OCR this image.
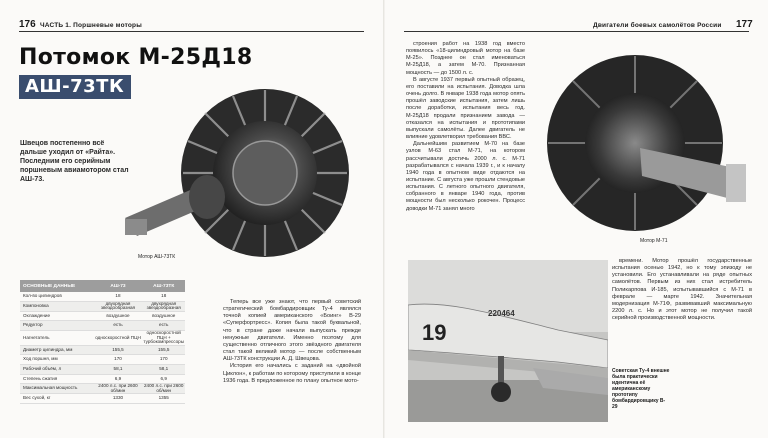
176 ЧАСТЬ 1. Поршневые моторы	Двигатели боевых самолётов России 177
Потомок М-25Д18
АШ-73ТК
Швецов постепенно всё дальше уходил от «Райта». Последним его серийным поршневым авиамотором стал АШ-73.
Мотор АШ-73ТК
ОСНОВНЫЕ ДАННЫЕ	АШ-73	АШ-73ТК
Кол-во цилиндров	18	18
Компоновка	двухрядная звездообразная	двухрядная звездообразная
Охлаждение	воздушное	воздушное
Редуктор	есть	есть
Нагнетатель	односкоростной ПЦН	односкоростной ПЦН + турбокомпрессоры
Диаметр цилиндра, мм	155,5	155,5
Ход поршня, мм	170	170
Рабочий объём, л	58,1	58,1
Степень сжатия	6,9	6,9
Максимальная мощность	2400 л.с. при 2600 об/мин	2400 л.с. при 2600 об/мин
Вес сухой, кг	1330	1355

Теперь все уже знают, что первый советский стратегический бомбардировщик Ту-4 являлся точной копией американского «Боинг» B-29 «Суперфортресс». Копия была такой буквальной, что в стране даже начали выпускать прежде ненужные двигатели. Именно поэтому для существенно отличного этого звёздного двигателя стал такой великий мотор — после собственным АШ-73ТК конструкции А. Д. Швецова.

История его начались с заданий на «двойной Циклон», к работам по которому приступили в конце 1936 года. В предложенное по плану опытное мото-

строения работ на 1938 год вместо появилось «18-цилиндровый мотор на базе М-25». Позднее он стал именоваться М-25Д18, а затем М-70. Признанная мощность — до 1500 л. с.

В августе 1937 первый опытный образец, его поставили на испытания. Доводка шла очень долго. В январе 1938 года мотор опять прошёл заводские испытания, затем лишь после доработки, испытания весь год. М-25Д18 продали признанием завода — отказался на испытания и прототипами выпускали самолёты. Далее двигатель не влияние удовлетворил требования ВВС.

Дальнейшим развитием М-70 на базе узлов М-63 стал М-71, на котором рассчитывали достичь 2000 л. с. М-71 разрабатывался с начала 1939 г., и к началу 1940 года в опытном виде отдаются на испытание. С августа уже прошли стендовые испытания. С летного опытного двигателя, собранного в январе 1940 года, против мощности был несколько рокочен. Процесс доводки М-71 занял много

Мотор М-71
19
220464
Советская Ту-4 внешне была практически идентична её американскому прототипу бомбардировщику B-29

времени. Мотор прошёл государственные испытания осенью 1942, но к тому эпизоду не установили. Его устанавливали на ряде опытных самолётов. Первым из них стал истребитель Поликарпова И-185, испытывавшийся с М-71 в феврале — марте 1942. Значительная модернизация М-71Ф, развивавший максимальную 2200 л. с. Но и этот мотор не получил такой серийной производственной мощности.
